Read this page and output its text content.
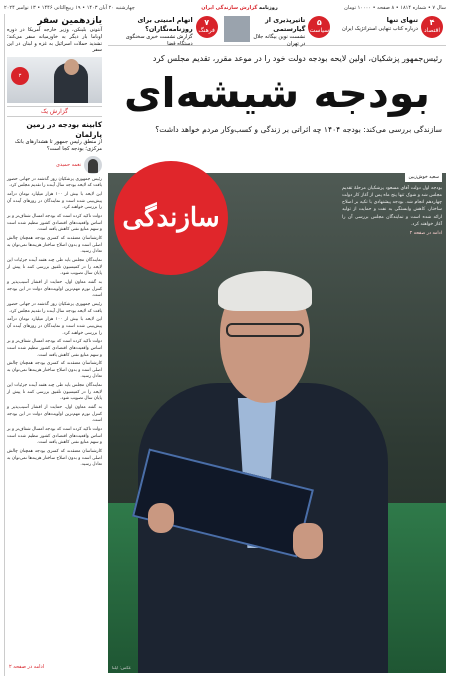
سال ۷ • شماره ۱۸۱۴ • ۸ صفحه • ۱۰۰۰۰ تومان
روزنامه گزارش سازندگی ایران
چهارشنبه ۲۰ آبان ۱۴۰۳ • ۱۹ ربیع‌الثانی ۱۴۴۶ • ۱۳ نوامبر ۲۰۲۴
۴
اقتصاد
تنهای تنها
درباره کتاب تنهایی استراتژیک ایران
۵
سیاست
تاثیرپذیری از گیارستمی
نشست نوین بیگانه جلال در تهران
۷
فرهنگ
اتهام امنیتی برای روزنامه‌نگاران؟
گزارش نشست خبری سخنگوی دستگاه قضا
یازدهمین سفر
آنتونی بلینکن، وزیر خارجه آمریکا در دوره اوباما بار دیگر به خاورمیانه سفر می‌کند؛ تشدید حملات اسرائیل به غزه و لبنان در این سفر
۳
گزارش یک
کابینه بودجه در زمین پارلمان
از منطق رئیس جمهور تا هشدارهای بانک مرکزی؛ بودجه کجا است؟
نغمه حمیدی

رئیس جمهوری پزشکیان روز گذشته در جهاتی حضور یافت که لایحه بودجه سال آینده را تقدیم مجلس کرد.

این لایحه با بیش از ۱۰۰ هزار میلیارد تومان درآمد پیش‌بینی شده است و نمایندگان در روزهای آینده آن را بررسی خواهند کرد.

دولت تاکید کرده است که بودجه امسال شفاف‌تر و بر اساس واقعیت‌های اقتصادی کشور تنظیم شده است و سهم منابع نفتی کاهش یافته است.

کارشناسان معتقدند که کسری بودجه همچنان چالش اصلی است و بدون اصلاح ساختار هزینه‌ها نمی‌توان به تعادل رسید.

نمایندگان مجلس باید طی چند هفته آینده جزئیات این لایحه را در کمیسیون تلفیق بررسی کنند تا پیش از پایان سال تصویب شود.

به گفته معاون اول، حمایت از اقشار آسیب‌پذیر و کنترل تورم مهم‌ترین اولویت‌های دولت در این بودجه است.

رئیس جمهوری پزشکیان روز گذشته در جهاتی حضور یافت که لایحه بودجه سال آینده را تقدیم مجلس کرد.

این لایحه با بیش از ۱۰۰ هزار میلیارد تومان درآمد پیش‌بینی شده است و نمایندگان در روزهای آینده آن را بررسی خواهند کرد.

دولت تاکید کرده است که بودجه امسال شفاف‌تر و بر اساس واقعیت‌های اقتصادی کشور تنظیم شده است و سهم منابع نفتی کاهش یافته است.

کارشناسان معتقدند که کسری بودجه همچنان چالش اصلی است و بدون اصلاح ساختار هزینه‌ها نمی‌توان به تعادل رسید.

نمایندگان مجلس باید طی چند هفته آینده جزئیات این لایحه را در کمیسیون تلفیق بررسی کنند تا پیش از پایان سال تصویب شود.

به گفته معاون اول، حمایت از اقشار آسیب‌پذیر و کنترل تورم مهم‌ترین اولویت‌های دولت در این بودجه است.

دولت تاکید کرده است که بودجه امسال شفاف‌تر و بر اساس واقعیت‌های اقتصادی کشور تنظیم شده است و سهم منابع نفتی کاهش یافته است.

کارشناسان معتقدند که کسری بودجه همچنان چالش اصلی است و بدون اصلاح ساختار هزینه‌ها نمی‌توان به تعادل رسید.

ادامه در صفحه ۲
رئیس‌جمهور پزشکیان، اولین لایحه بودجه دولت خود را در موعد مقرر، تقدیم مجلس کرد
بودجه شیشه‌ای
سازندگی بررسی می‌کند: بودجه ۱۴۰۴ چه اثراتی بر زندگی و کسب‌وکار مردم خواهد داشت؟
عکس: ایلنا
سازندگی
سعید خوش‌زبین
بودجه اول دولت آقای مسعود پزشکیان مرحلهٔ تقدیم مجلس شد و شوک تنها پنج ماه پس از آغاز کار دولت چهاردهم انجام شد. بودجه پیشنهادی با تکیه بر اصلاح ساختار، کاهش وابستگی به نفت و حمایت از تولید ارائه شده است و نمایندگان مجلس بررسی آن را آغاز خواهند کرد.
ادامه در صفحه ۲
